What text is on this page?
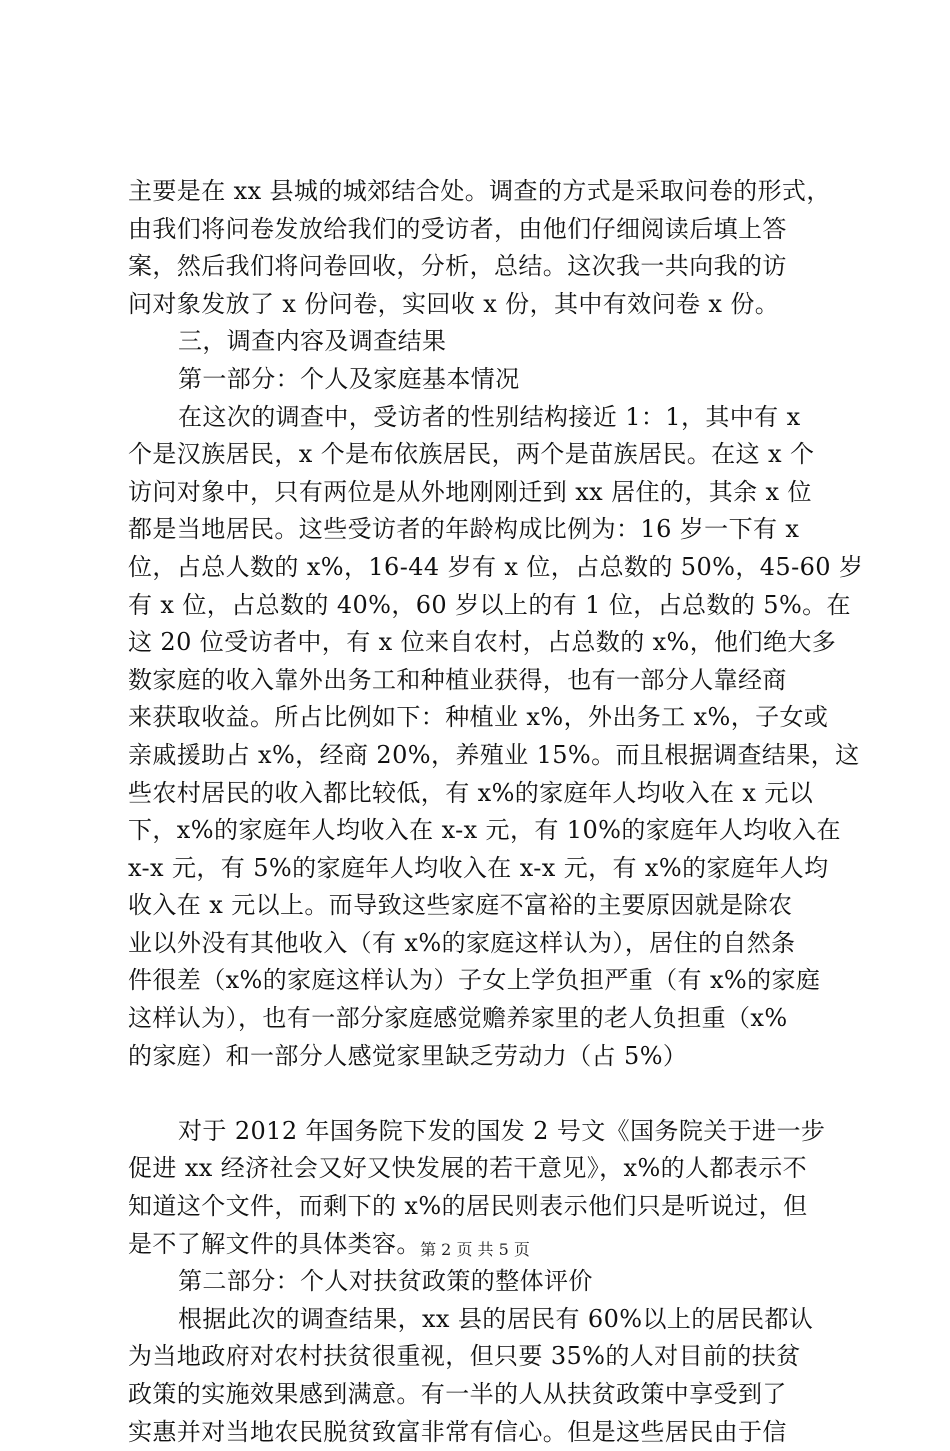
主要是在 xx 县城的城郊结合处。调查的方式是采取问卷的形式，
由我们将问卷发放给我们的受访者，由他们仔细阅读后填上答
案，然后我们将问卷回收，分析，总结。这次我一共向我的访
问对象发放了 x 份问卷，实回收 x 份，其中有效问卷 x 份。
三，调查内容及调查结果
第一部分：个人及家庭基本情况
在这次的调查中，受访者的性别结构接近 1：1，其中有 x
个是汉族居民，x 个是布依族居民，两个是苗族居民。在这 x 个
访问对象中，只有两位是从外地刚刚迁到 xx 居住的，其余 x 位
都是当地居民。这些受访者的年龄构成比例为：16 岁一下有 x
位，占总人数的 x%，16-44 岁有 x 位，占总数的 50%，45-60 岁
有 x 位，占总数的 40%，60 岁以上的有 1 位，占总数的 5%。在
这 20 位受访者中，有 x 位来自农村，占总数的 x%，他们绝大多
数家庭的收入靠外出务工和种植业获得，也有一部分人靠经商
来获取收益。所占比例如下：种植业 x%，外出务工 x%，子女或
亲戚援助占 x%，经商 20%，养殖业 15%。而且根据调查结果，这
些农村居民的收入都比较低，有 x%的家庭年人均收入在 x 元以
下，x%的家庭年人均收入在 x-x 元，有 10%的家庭年人均收入在
x-x 元，有 5%的家庭年人均收入在 x-x 元，有 x%的家庭年人均
收入在 x 元以上。而导致这些家庭不富裕的主要原因就是除农
业以外没有其他收入（有 x%的家庭这样认为），居住的自然条
件很差（x%的家庭这样认为）子女上学负担严重（有 x%的家庭
这样认为），也有一部分家庭感觉赡养家里的老人负担重（x%
的家庭）和一部分人感觉家里缺乏劳动力（占 5%）
对于 2012 年国务院下发的国发 2 号文《国务院关于进一步
促进 xx 经济社会又好又快发展的若干意见》，x%的人都表示不
知道这个文件，而剩下的 x%的居民则表示他们只是听说过，但
是不了解文件的具体类容。
第二部分：个人对扶贫政策的整体评价
根据此次的调查结果，xx 县的居民有 60%以上的居民都认
为当地政府对农村扶贫很重视，但只要 35%的人对目前的扶贫
政策的实施效果感到满意。有一半的人从扶贫政策中享受到了
实惠并对当地农民脱贫致富非常有信心。但是这些居民由于信
第 2 页 共 5 页
